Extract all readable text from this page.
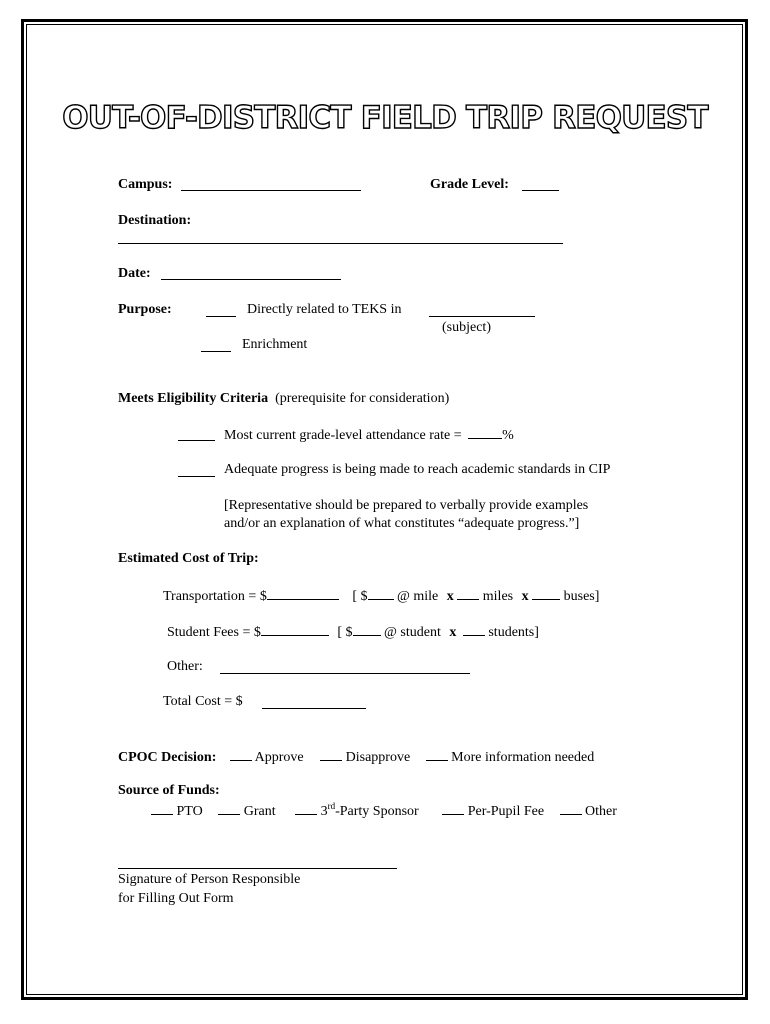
OUT-OF-DISTRICT FIELD TRIP REQUEST
Campus:	Grade Level:
Destination:
Date:
Purpose:	Directly related to TEKS in
(subject)
Enrichment
Meets Eligibility Criteria (prerequisite for consideration)
Most current grade-level attendance rate =	%
Adequate progress is being made to reach academic standards in CIP
[Representative should be prepared to verbally provide examples
and/or an explanation of what constitutes “adequate progress.”]
Estimated Cost of Trip:
Transportation = $	[ $ @ mile x miles x	buses]
Student Fees = $	[ $ @ student x students]
Other:
Total Cost = $
CPOC Decision:	Approve	Disapprove	More information needed
Source of Funds:
PTO	Grant	3rd-Party Sponsor	Per-Pupil Fee	Other
Signature of Person Responsible
for Filling Out Form
